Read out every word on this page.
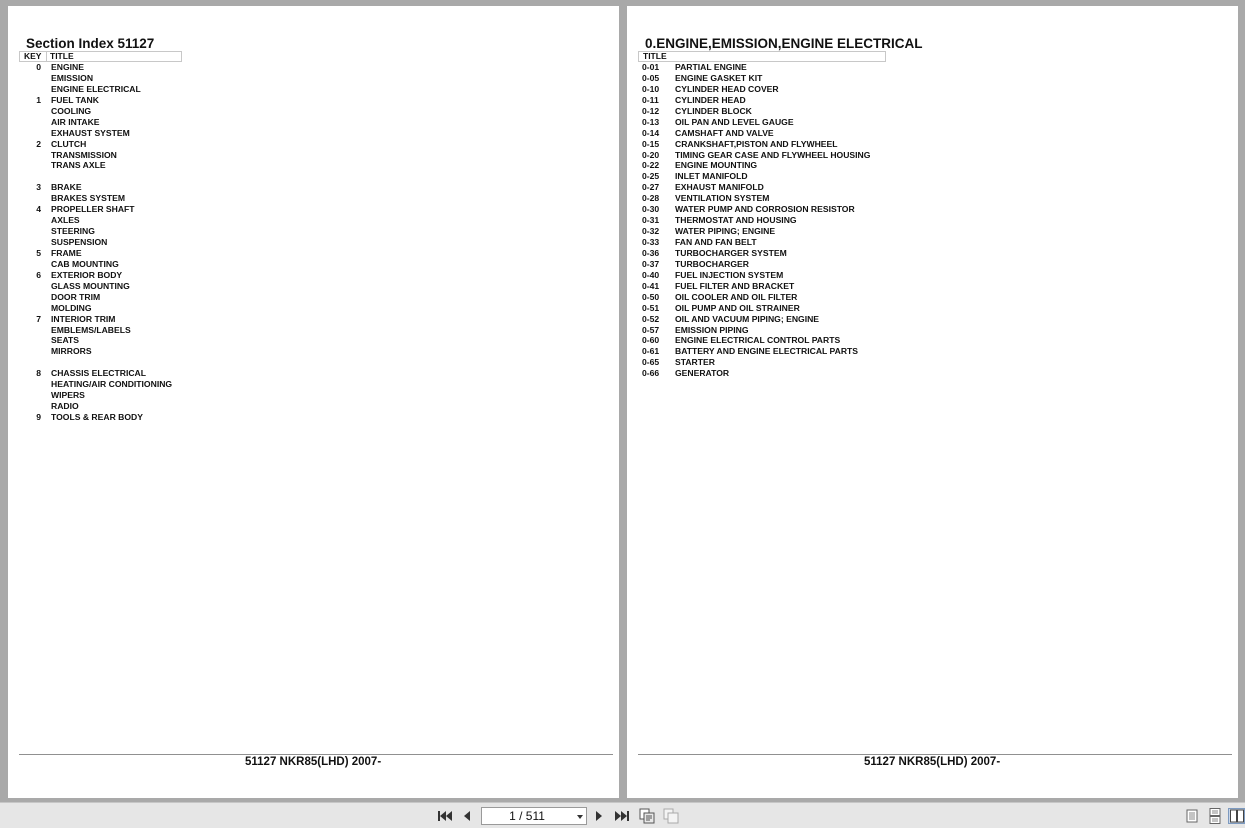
Section Index 51127
KEY TITLE
0 ENGINE
EMISSION
ENGINE ELECTRICAL
1 FUEL TANK
COOLING
AIR INTAKE
EXHAUST SYSTEM
2 CLUTCH
TRANSMISSION
TRANS AXLE
3 BRAKE
BRAKES SYSTEM
4 PROPELLER SHAFT
AXLES
STEERING
SUSPENSION
5 FRAME
CAB MOUNTING
6 EXTERIOR BODY
GLASS MOUNTING
DOOR TRIM
MOLDING
7 INTERIOR TRIM
EMBLEMS/LABELS
SEATS
MIRRORS
8 CHASSIS ELECTRICAL
HEATING/AIR CONDITIONING
WIPERS
RADIO
9 TOOLS & REAR BODY
51127 NKR85(LHD) 2007-
0.ENGINE,EMISSION,ENGINE ELECTRICAL
TITLE
0-01 PARTIAL ENGINE
0-05 ENGINE GASKET KIT
0-10 CYLINDER HEAD COVER
0-11 CYLINDER HEAD
0-12 CYLINDER BLOCK
0-13 OIL PAN AND LEVEL GAUGE
0-14 CAMSHAFT AND VALVE
0-15 CRANKSHAFT,PISTON AND FLYWHEEL
0-20 TIMING GEAR CASE AND FLYWHEEL HOUSING
0-22 ENGINE MOUNTING
0-25 INLET MANIFOLD
0-27 EXHAUST MANIFOLD
0-28 VENTILATION SYSTEM
0-30 WATER PUMP AND CORROSION RESISTOR
0-31 THERMOSTAT AND HOUSING
0-32 WATER PIPING; ENGINE
0-33 FAN AND FAN BELT
0-36 TURBOCHARGER SYSTEM
0-37 TURBOCHARGER
0-40 FUEL INJECTION SYSTEM
0-41 FUEL FILTER AND BRACKET
0-50 OIL COOLER AND OIL FILTER
0-51 OIL PUMP AND OIL STRAINER
0-52 OIL AND VACUUM PIPING; ENGINE
0-57 EMISSION PIPING
0-60 ENGINE ELECTRICAL CONTROL PARTS
0-61 BATTERY AND ENGINE ELECTRICAL PARTS
0-65 STARTER
0-66 GENERATOR
51127 NKR85(LHD) 2007-
1 / 511
